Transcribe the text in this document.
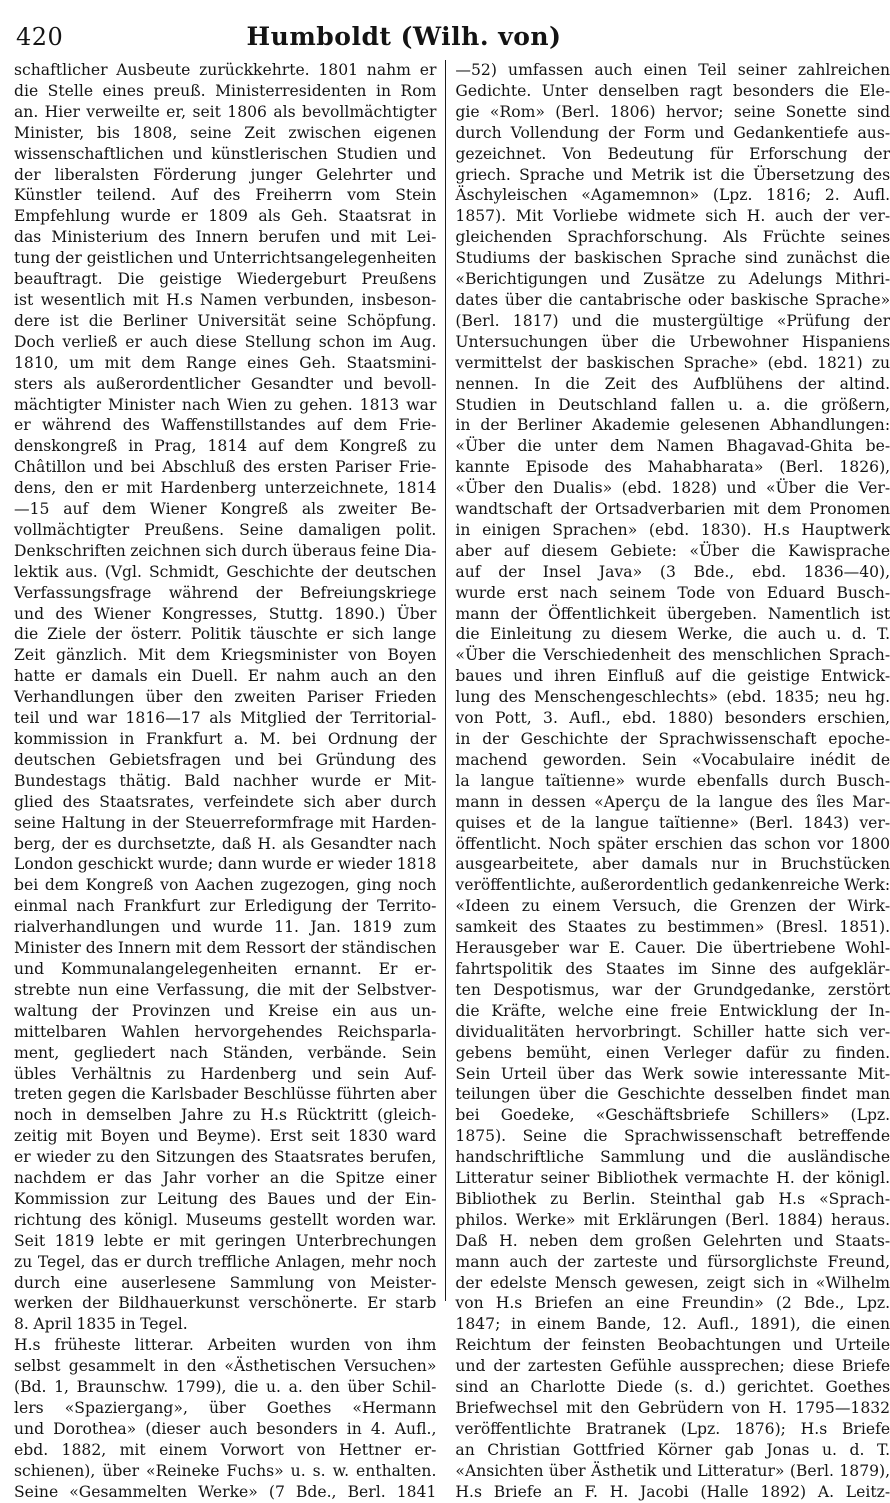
420	Humboldt (Wilh. von)
schaftlicher Ausbeute zurückkehrte. 1801 nahm er
die Stelle eines preuß. Ministerresidenten in Rom
an. Hier verweilte er, seit 1806 als bevollmächtigter
Minister, bis 1808, seine Zeit zwischen eigenen
wissenschaftlichen und künstlerischen Studien und
der liberalsten Förderung junger Gelehrter und
Künstler teilend. Auf des Freiherrn vom Stein
Empfehlung wurde er 1809 als Geh. Staatsrat in
das Ministerium des Innern berufen und mit Lei-
tung der geistlichen und Unterrichtsangelegenheiten
beauftragt. Die geistige Wiedergeburt Preußens
ist wesentlich mit H.s Namen verbunden, insbeson-
dere ist die Berliner Universität seine Schöpfung.
Doch verließ er auch diese Stellung schon im Aug.
1810, um mit dem Range eines Geh. Staatsmini-
sters als außerordentlicher Gesandter und bevoll-
mächtigter Minister nach Wien zu gehen. 1813 war
er während des Waffenstillstandes auf dem Frie-
denskongreß in Prag, 1814 auf dem Kongreß zu
Châtillon und bei Abschluß des ersten Pariser Frie-
dens, den er mit Hardenberg unterzeichnete, 1814
—15 auf dem Wiener Kongreß als zweiter Be-
vollmächtigter Preußens. Seine damaligen polit.
Denkschriften zeichnen sich durch überaus feine Dia-
lektik aus. (Vgl. Schmidt, Geschichte der deutschen
Verfassungsfrage während der Befreiungskriege
und des Wiener Kongresses, Stuttg. 1890.) Über
die Ziele der österr. Politik täuschte er sich lange
Zeit gänzlich. Mit dem Kriegsminister von Boyen
hatte er damals ein Duell. Er nahm auch an den
Verhandlungen über den zweiten Pariser Frieden
teil und war 1816—17 als Mitglied der Territorial-
kommission in Frankfurt a. M. bei Ordnung der
deutschen Gebietsfragen und bei Gründung des
Bundestags thätig. Bald nachher wurde er Mit-
glied des Staatsrates, verfeindete sich aber durch
seine Haltung in der Steuerreformfrage mit Harden-
berg, der es durchsetzte, daß H. als Gesandter nach
London geschickt wurde; dann wurde er wieder 1818
bei dem Kongreß von Aachen zugezogen, ging noch
einmal nach Frankfurt zur Erledigung der Territo-
rialverhandlungen und wurde 11. Jan. 1819 zum
Minister des Innern mit dem Ressort der ständischen
und Kommunalangelegenheiten ernannt. Er er-
strebte nun eine Verfassung, die mit der Selbstver-
waltung der Provinzen und Kreise ein aus un-
mittelbaren Wahlen hervorgehendes Reichsparla-
ment, gegliedert nach Ständen, verbände. Sein
übles Verhältnis zu Hardenberg und sein Auf-
treten gegen die Karlsbader Beschlüsse führten aber
noch in demselben Jahre zu H.s Rücktritt (gleich-
zeitig mit Boyen und Beyme). Erst seit 1830 ward
er wieder zu den Sitzungen des Staatsrates berufen,
nachdem er das Jahr vorher an die Spitze einer
Kommission zur Leitung des Baues und der Ein-
richtung des königl. Museums gestellt worden war.
Seit 1819 lebte er mit geringen Unterbrechungen
zu Tegel, das er durch treffliche Anlagen, mehr noch
durch eine auserlesene Sammlung von Meister-
werken der Bildhauerkunst verschönerte. Er starb
8. April 1835 in Tegel.
H.s früheste litterar. Arbeiten wurden von ihm
selbst gesammelt in den «Ästhetischen Versuchen»
(Bd. 1, Braunschw. 1799), die u. a. den über Schil-
lers «Spaziergang», über Goethes «Hermann
und Dorothea» (dieser auch besonders in 4. Aufl.,
ebd. 1882, mit einem Vorwort von Hettner er-
schienen), über «Reineke Fuchs» u. s. w. enthalten.
Seine «Gesammelten Werke» (7 Bde., Berl. 1841
—52) umfassen auch einen Teil seiner zahlreichen
Gedichte. Unter denselben ragt besonders die Ele-
gie «Rom» (Berl. 1806) hervor; seine Sonette sind
durch Vollendung der Form und Gedankentiefe aus-
gezeichnet. Von Bedeutung für Erforschung der
griech. Sprache und Metrik ist die Übersetzung des
Äschyleischen «Agamemnon» (Lpz. 1816; 2. Aufl.
1857). Mit Vorliebe widmete sich H. auch der ver-
gleichenden Sprachforschung. Als Früchte seines
Studiums der baskischen Sprache sind zunächst die
«Berichtigungen und Zusätze zu Adelungs Mithri-
dates über die cantabrische oder baskische Sprache»
(Berl. 1817) und die mustergültige «Prüfung der
Untersuchungen über die Urbewohner Hispaniens
vermittelst der baskischen Sprache» (ebd. 1821) zu
nennen. In die Zeit des Aufblühens der altind.
Studien in Deutschland fallen u. a. die größern,
in der Berliner Akademie gelesenen Abhandlungen:
«Über die unter dem Namen Bhagavad-Ghita be-
kannte Episode des Mahabharata» (Berl. 1826),
«Über den Dualis» (ebd. 1828) und «Über die Ver-
wandtschaft der Ortsadverbarien mit dem Pronomen
in einigen Sprachen» (ebd. 1830). H.s Hauptwerk
aber auf diesem Gebiete: «Über die Kawisprache
auf der Insel Java» (3 Bde., ebd. 1836—40),
wurde erst nach seinem Tode von Eduard Busch-
mann der Öffentlichkeit übergeben. Namentlich ist
die Einleitung zu diesem Werke, die auch u. d. T.
«Über die Verschiedenheit des menschlichen Sprach-
baues und ihren Einfluß auf die geistige Entwick-
lung des Menschengeschlechts» (ebd. 1835; neu hg.
von Pott, 3. Aufl., ebd. 1880) besonders erschien,
in der Geschichte der Sprachwissenschaft epoche-
machend geworden. Sein «Vocabulaire inédit de
la langue taïtienne» wurde ebenfalls durch Busch-
mann in dessen «Aperçu de la langue des îles Mar-
quises et de la langue taïtienne» (Berl. 1843) ver-
öffentlicht. Noch später erschien das schon vor 1800
ausgearbeitete, aber damals nur in Bruchstücken
veröffentlichte, außerordentlich gedankenreiche Werk:
«Ideen zu einem Versuch, die Grenzen der Wirk-
samkeit des Staates zu bestimmen» (Bresl. 1851).
Herausgeber war E. Cauer. Die übertriebene Wohl-
fahrtspolitik des Staates im Sinne des aufgeklär-
ten Despotismus, war der Grundgedanke, zerstört
die Kräfte, welche eine freie Entwicklung der In-
dividualitäten hervorbringt. Schiller hatte sich ver-
gebens bemüht, einen Verleger dafür zu finden.
Sein Urteil über das Werk sowie interessante Mit-
teilungen über die Geschichte desselben findet man
bei Goedeke, «Geschäftsbriefe Schillers» (Lpz.
1875). Seine die Sprachwissenschaft betreffende
handschriftliche Sammlung und die ausländische
Litteratur seiner Bibliothek vermachte H. der königl.
Bibliothek zu Berlin. Steinthal gab H.s «Sprach-
philos. Werke» mit Erklärungen (Berl. 1884) heraus.
Daß H. neben dem großen Gelehrten und Staats-
mann auch der zarteste und fürsorglichste Freund,
der edelste Mensch gewesen, zeigt sich in «Wilhelm
von H.s Briefen an eine Freundin» (2 Bde., Lpz.
1847; in einem Bande, 12. Aufl., 1891), die einen
Reichtum der feinsten Beobachtungen und Urteile
und der zartesten Gefühle aussprechen; diese Briefe
sind an Charlotte Diede (s. d.) gerichtet. Goethes
Briefwechsel mit den Gebrüdern von H. 1795—1832
veröffentlichte Bratranek (Lpz. 1876); H.s Briefe
an Christian Gottfried Körner gab Jonas u. d. T.
«Ansichten über Ästhetik und Litteratur» (Berl. 1879),
H.s Briefe an F. H. Jacobi (Halle 1892) A. Leitz-
